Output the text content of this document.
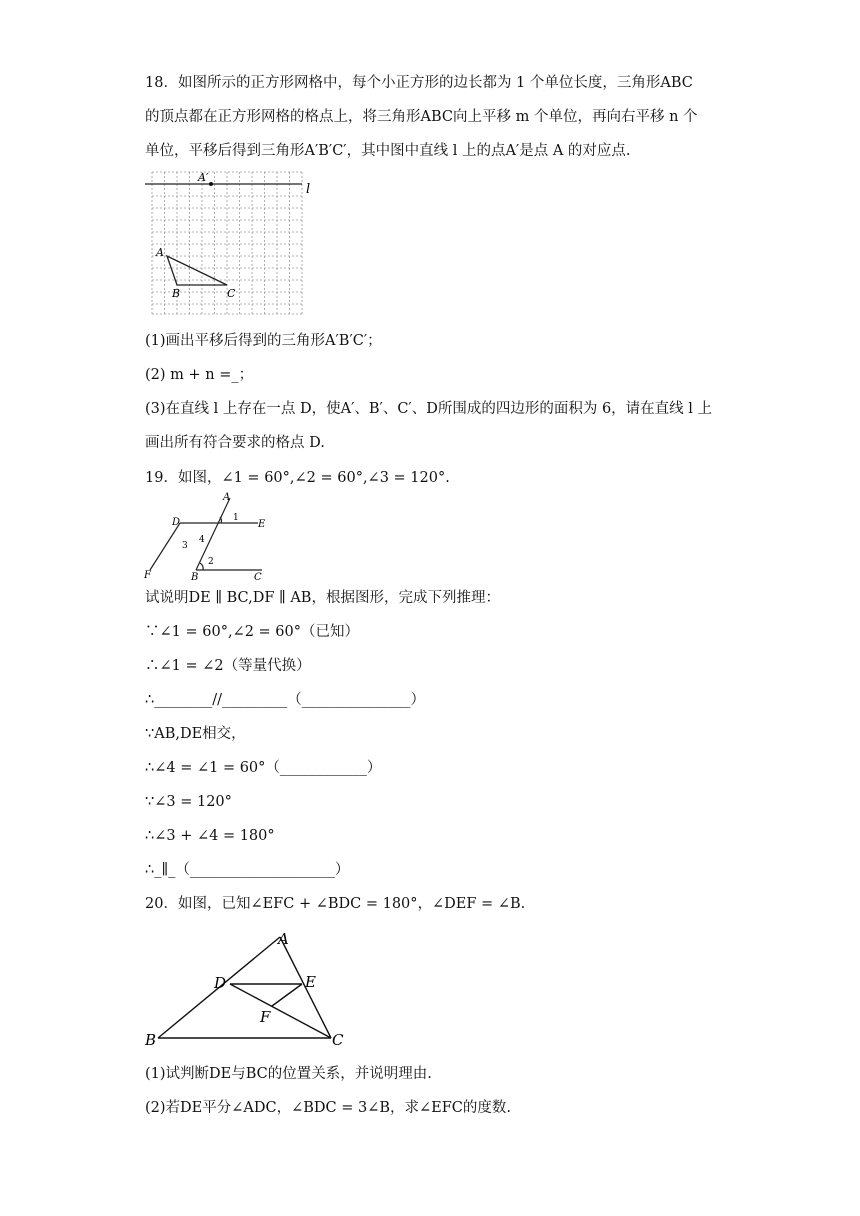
18．如图所示的正方形网格中，每个小正方形的边长都为 1 个单位长度，三角形ABC
的顶点都在正方形网格的格点上，将三角形ABC向上平移 m 个单位，再向右平移 n 个
单位，平移后得到三角形A′B′C′，其中图中直线 l 上的点A′是点 A 的对应点.
A′
l
A
B	C
(1)画出平移后得到的三角形A′B′C′；
(2) m + n =_；
(3)在直线 l 上存在一点 D，使A′、B′、C′、D所围成的四边形的面积为 6，请在直线 l 上
画出所有符合要求的格点 D.
19．如图，∠1 = 60°,∠2 = 60°,∠3 = 120°.
A
D	E
F	B	C
1
3
4
2
试说明DE ∥ BC,DF ∥ AB，根据图形，完成下列推理：
∵∠1 = 60°,∠2 = 60°（已知）
∴∠1 = ∠2（等量代换）
∴________//_________（_______________）
∵AB,DE相交，
∴∠4 = ∠1 = 60°（____________）
∵∠3 = 120°
∴∠3 + ∠4 = 180°
∴_∥_（____________________）
20．如图，已知∠EFC + ∠BDC = 180°，∠DEF = ∠B.
A
D	E
F
B	C
(1)试判断DE与BC的位置关系，并说明理由.
(2)若DE平分∠ADC，∠BDC = 3∠B，求∠EFC的度数.
